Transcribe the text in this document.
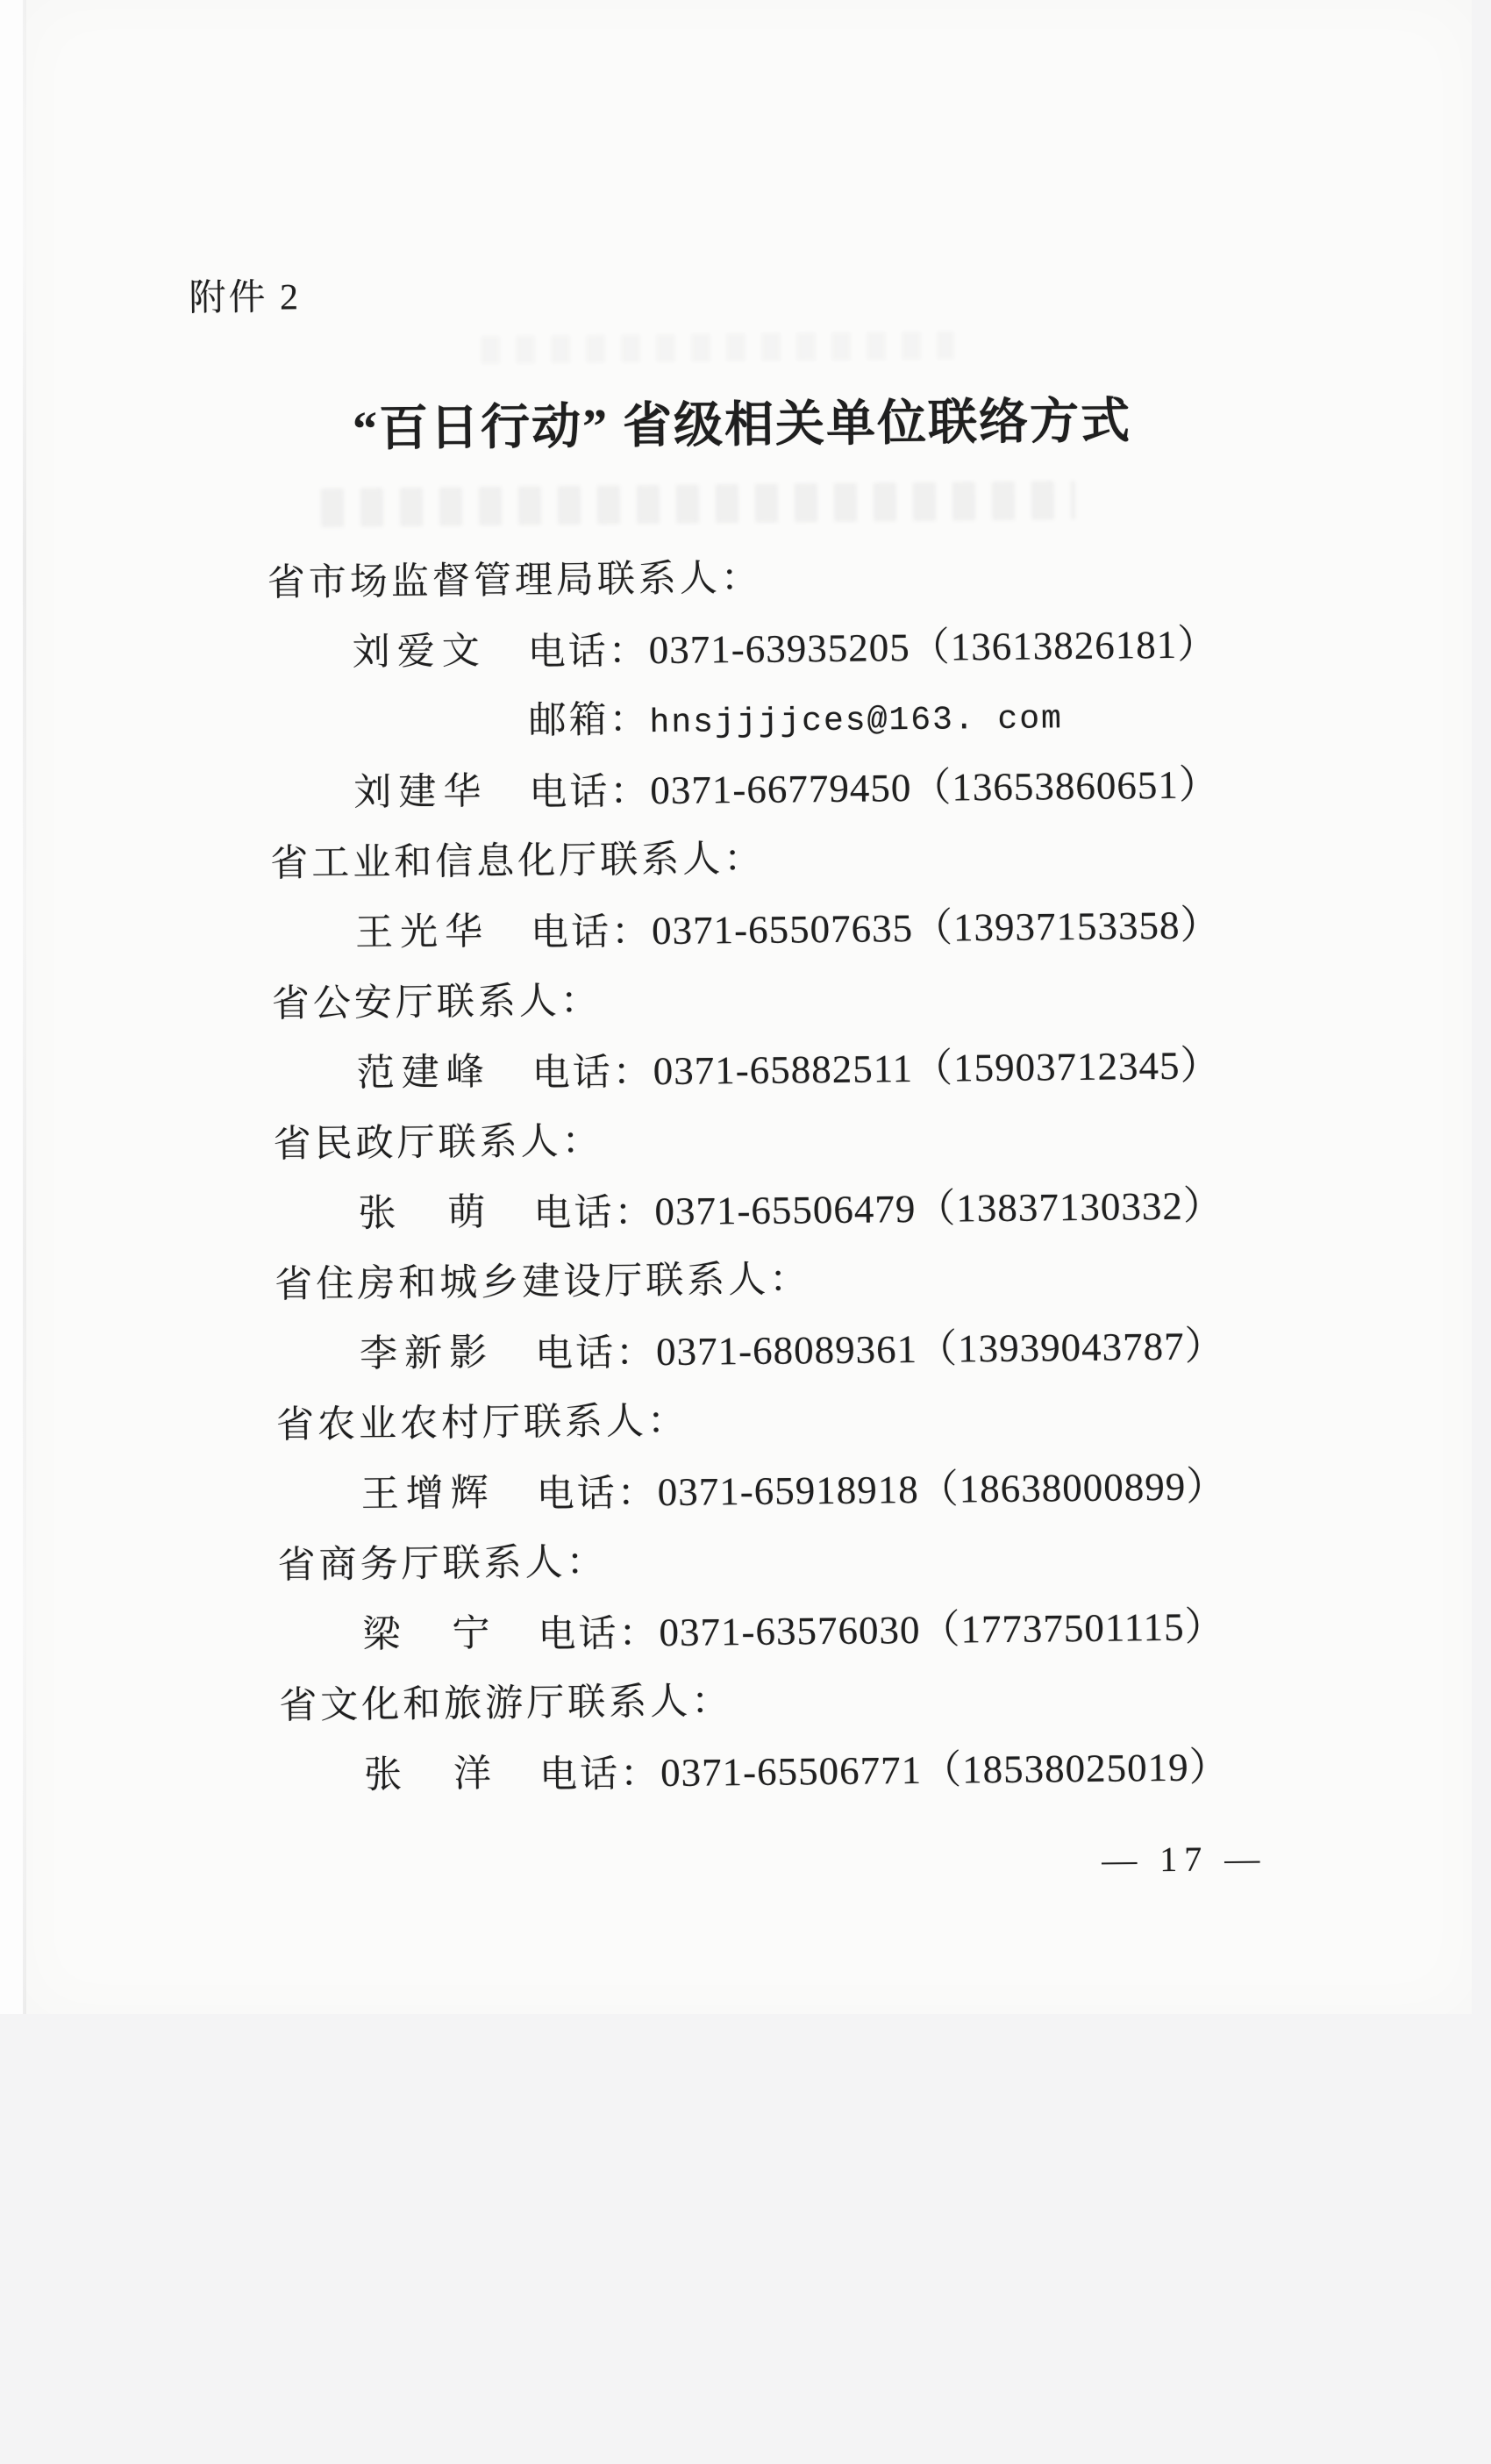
附件 2
“百日行动” 省级相关单位联络方式
省市场监督管理局联系人：
刘爱文 电话：0371-63935205（13613826181）
邮箱：hnsjjjjces@163. com
刘建华 电话：0371-66779450（13653860651）
省工业和信息化厅联系人：
王光华 电话：0371-65507635（13937153358）
省公安厅联系人：
范建峰 电话：0371-65882511（15903712345）
省民政厅联系人：
张　萌 电话：0371-65506479（13837130332）
省住房和城乡建设厅联系人：
李新影 电话：0371-68089361（13939043787）
省农业农村厅联系人：
王增辉 电话：0371-65918918（18638000899）
省商务厅联系人：
梁　宁 电话：0371-63576030（17737501115）
省文化和旅游厅联系人：
张　洋 电话：0371-65506771（18538025019）
— 17 —
